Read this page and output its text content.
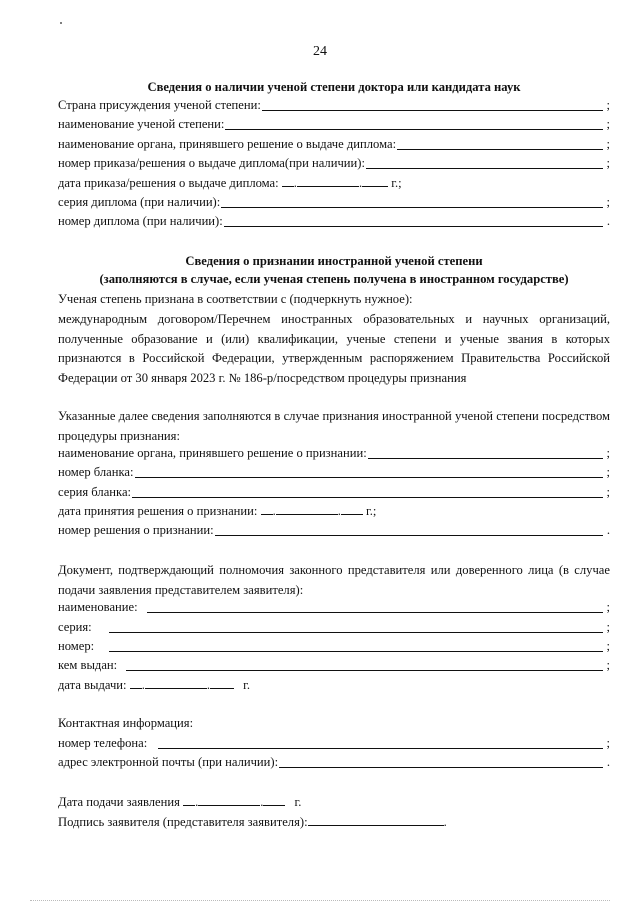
24
Сведения о наличии ученой степени доктора или кандидата наук
Страна присуждения ученой степени:	;
наименование ученой степени:	;
наименование органа, принявшего решение о выдаче диплома:	;
номер приказа/решения о выдаче диплома(при наличии):	;
дата приказа/решения о выдаче диплома: .	. г.;
серия диплома (при наличии):	;
номер диплома (при наличии):	.
Сведения о признании иностранной ученой степени
(заполняются в случае, если ученая степень получена в иностранном государстве)
Ученая степень признана в соответствии с (подчеркнуть нужное):
международным договором/Перечнем иностранных образовательных и научных организаций, полученные образование и (или) квалификации, ученые степени и ученые звания в которых признаются в Российской Федерации, утвержденным распоряжением Правительства Российской Федерации от 30 января 2023 г. № 186-р/посредством процедуры признания
Указанные далее сведения заполняются в случае признания иностранной ученой степени посредством процедуры признания:
наименование органа, принявшего решение о признании:	;
номер бланка:	;
серия бланка:	;
дата принятия решения о признании: .	. г.;
номер решения о признании:	.
Документ, подтверждающий полномочия законного представителя или доверенного лица (в случае подачи заявления представителем заявителя):
наименование:	;
серия:	;
номер:	;
кем выдан:	;
дата выдачи: .	.	г.
Контактная информация:
номер телефона:	;
адрес электронной почты (при наличии):	.
Дата подачи заявления .	. г.
Подпись заявителя (представителя заявителя):	.
